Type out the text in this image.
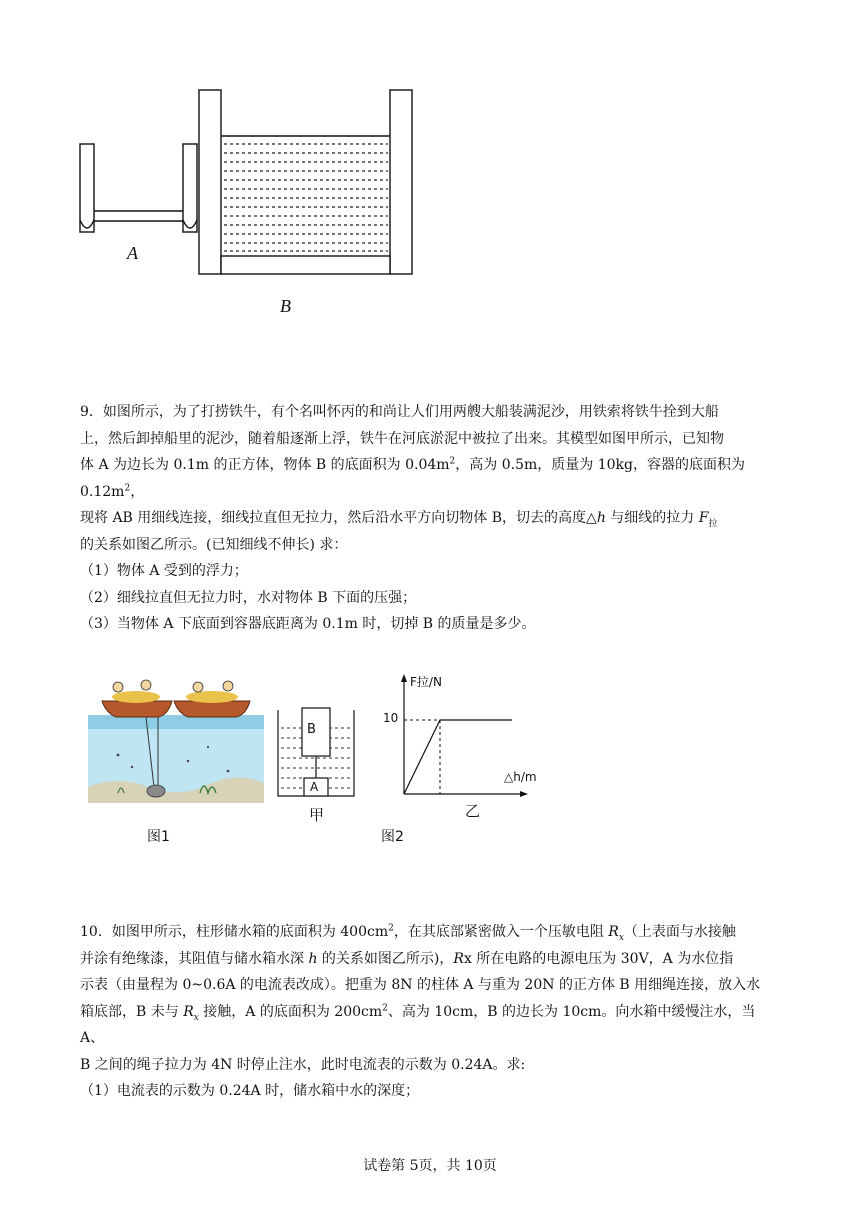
A
B

9．如图所示，为了打捞铁牛，有个名叫怀丙的和尚让人们用两艘大船装满泥沙，用铁索将铁牛拴到大船

上，然后卸掉船里的泥沙，随着船逐渐上浮，铁牛在河底淤泥中被拉了出来。其模型如图甲所示，已知物

体 A 为边长为 0.1m 的正方体，物体 B 的底面积为 $0.04m^2$，高为 0.5m，质量为 10kg，容器的底面积为 $0.12m^2$，

现将 AB 用细线连接，细线拉直但无拉力，然后沿水平方向切物体 B，切去的高度△h 与细线的拉力 $F_拉$

的关系如图乙所示。(已知细线不伸长) 求：

（1）物体 A 受到的浮力；

（2）细线拉直但无拉力时，水对物体 B 下面的压强；

（3）当物体 A 下底面到容器底距离为 0.1m 时，切掉 B 的质量是多少。

B
A
甲
F拉/N
10
△h/m
乙
图1	图2

10．如图甲所示，柱形储水箱的底面积为 $400cm^2$，在其底部紧密做入一个压敏电阻 $R_x$（上表面与水接触

并涂有绝缘漆，其阻值与储水箱水深 h 的关系如图乙所示)，Rx 所在电路的电源电压为 30V，A 为水位指

示表（由量程为 0~0.6A 的电流表改成）。把重为 8N 的柱体 A 与重为 20N 的正方体 B 用细绳连接，放入水

箱底部，B 未与 $R_x$ 接触，A 的底面积为 $200cm^2$、高为 10cm，B 的边长为 10cm。向水箱中缓慢注水，当 A、

B 之间的绳子拉力为 4N 时停止注水，此时电流表的示数为 0.24A。求:

（1）电流表的示数为 0.24A 时，储水箱中水的深度；

试卷第 5页，共 10页
